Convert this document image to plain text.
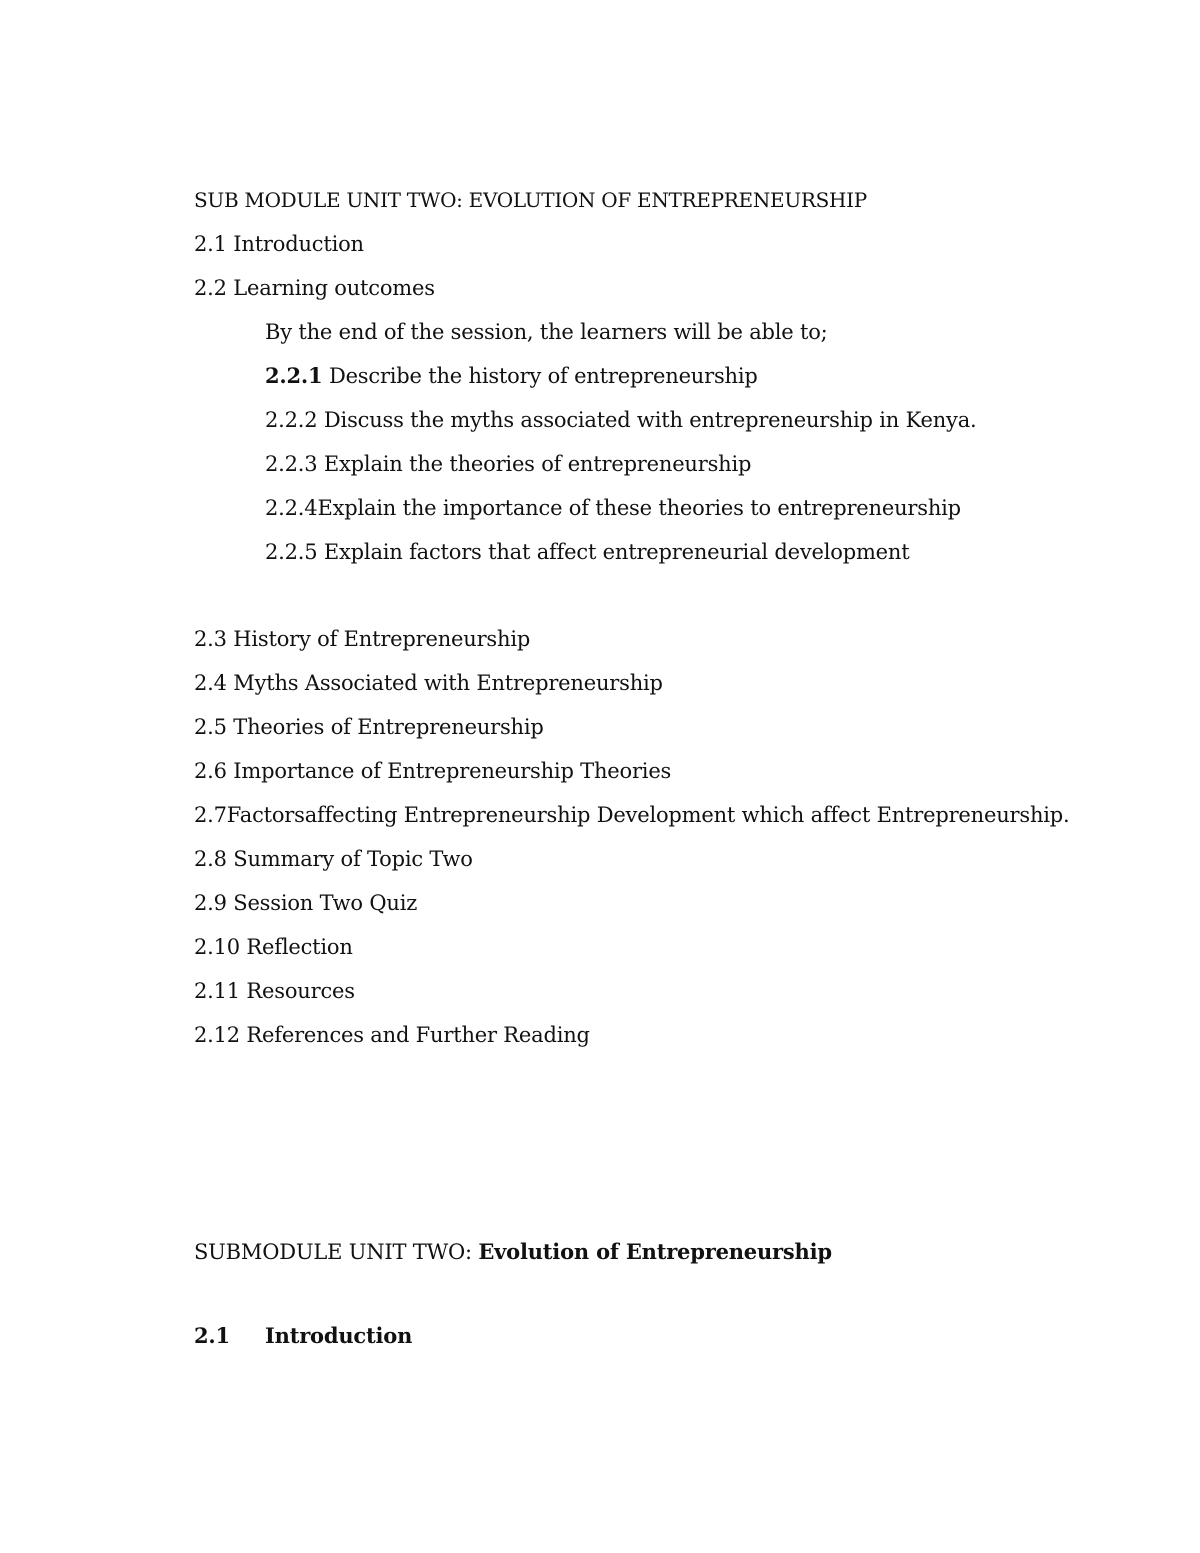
SUB MODULE UNIT TWO: EVOLUTION OF ENTREPRENEURSHIP
2.1 Introduction
2.2 Learning outcomes
By the end of the session, the learners will be able to;
2.2.1 Describe the history of entrepreneurship
2.2.2 Discuss the myths associated with entrepreneurship in Kenya.
2.2.3 Explain the theories of entrepreneurship
2.2.4Explain the importance of these theories to entrepreneurship
2.2.5 Explain factors that affect entrepreneurial development
2.3 History of Entrepreneurship
2.4 Myths Associated with Entrepreneurship
2.5 Theories of Entrepreneurship
2.6 Importance of Entrepreneurship Theories
2.7Factorsaffecting Entrepreneurship Development which affect Entrepreneurship.
2.8 Summary of Topic Two
2.9 Session Two Quiz
2.10 Reflection
2.11 Resources
2.12 References and Further Reading
SUBMODULE UNIT TWO: Evolution of Entrepreneurship
2.1 Introduction
